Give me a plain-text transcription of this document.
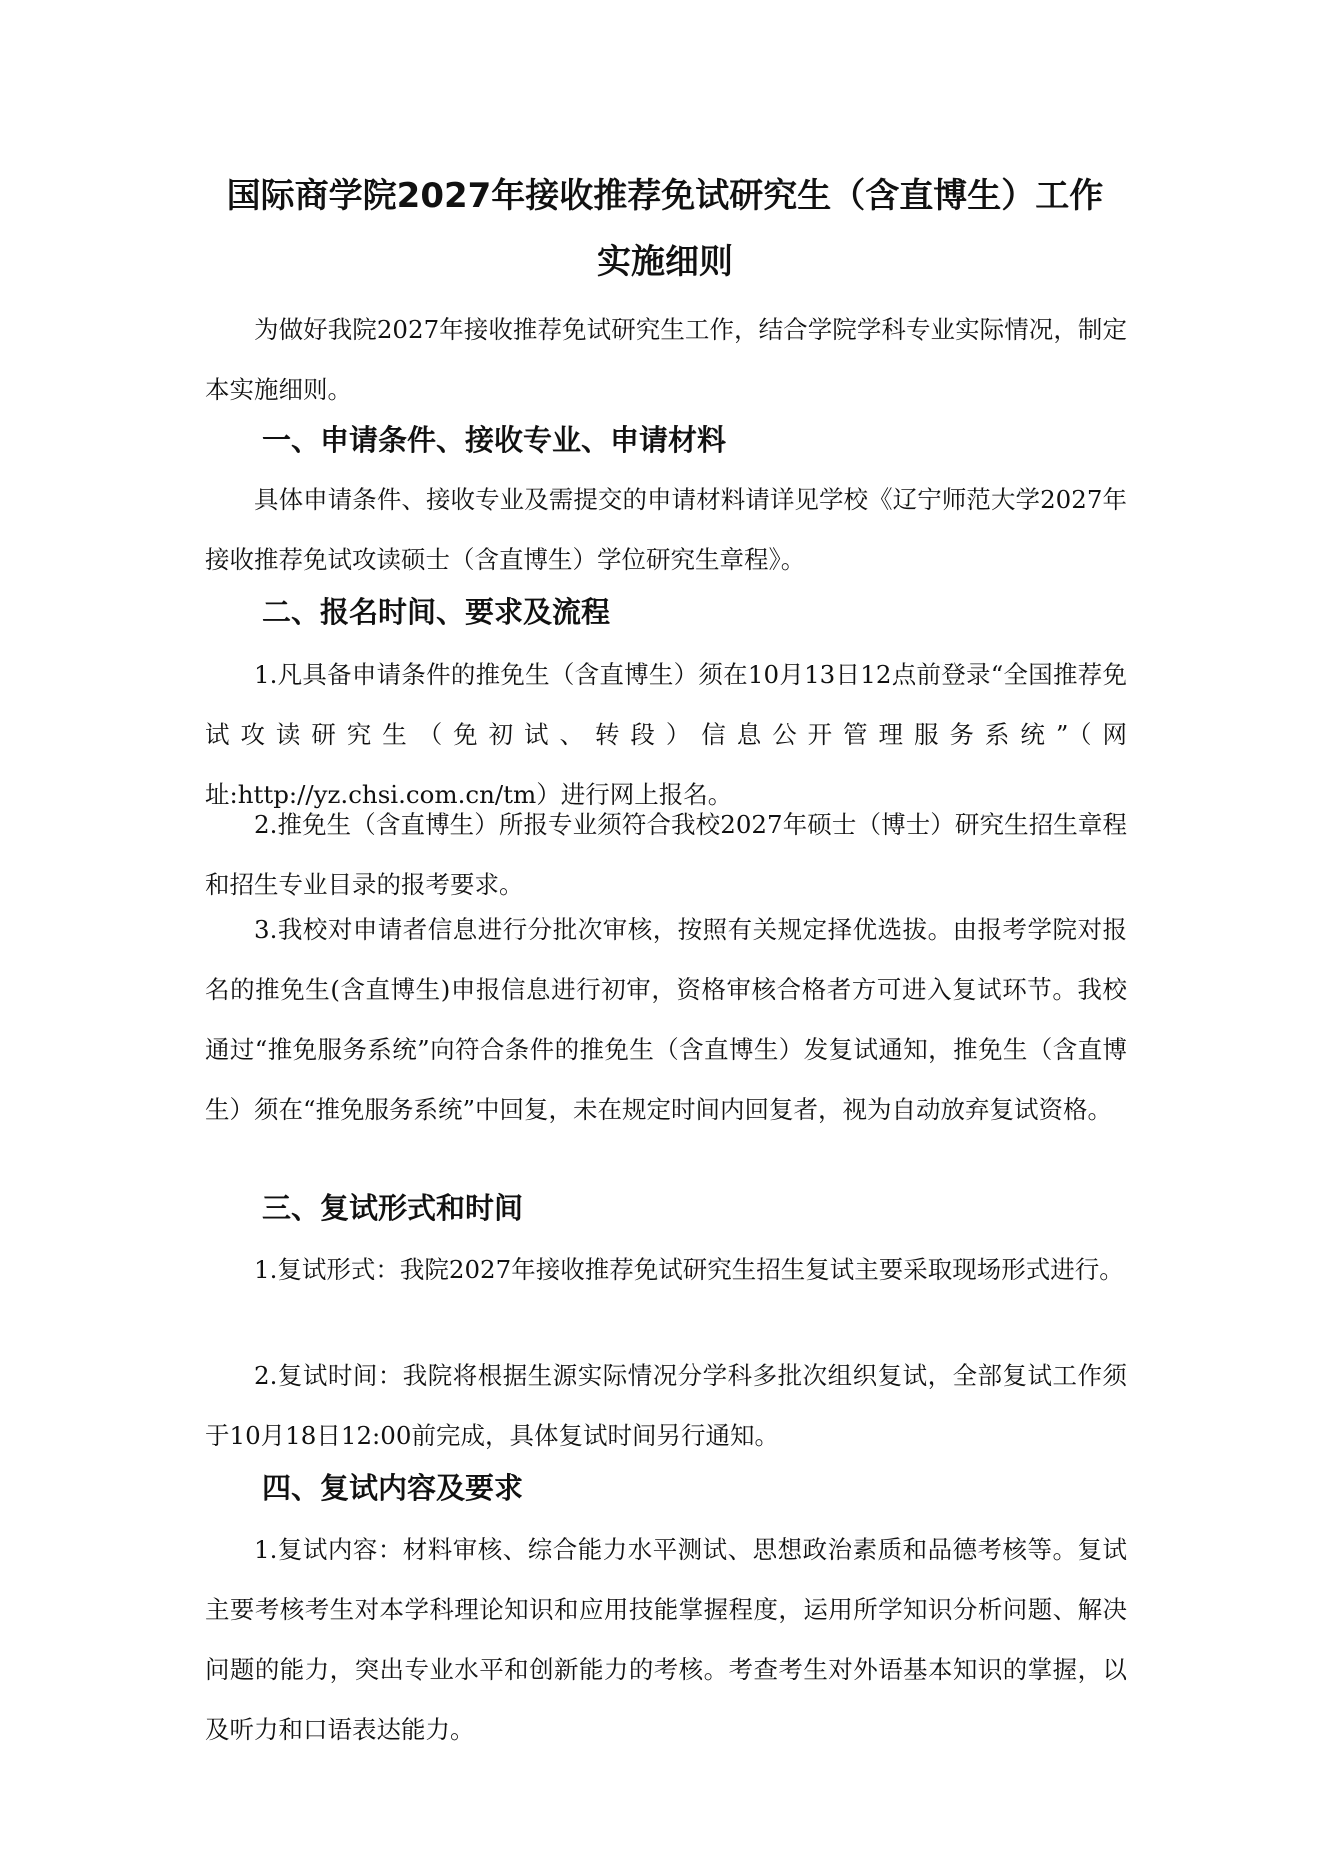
国际商学院2027年接收推荐免试研究生（含直博生）工作
实施细则

为做好我院2027年接收推荐免试研究生工作，结合学院学科专业实际情况，制定本实施细则。

一、申请条件、接收专业、申请材料

具体申请条件、接收专业及需提交的申请材料请详见学校《辽宁师范大学2027年接收推荐免试攻读硕士（含直博生）学位研究生章程》。

二、报名时间、要求及流程

1.凡具备申请条件的推免生（含直博生）须在10月13日12点前登录“全国推荐免试攻读研究生（免初试、转段）信息公开管理服务系统”（网址:http://yz.chsi.com.cn/tm）进行网上报名。

2.推免生（含直博生）所报专业须符合我校2027年硕士（博士）研究生招生章程和招生专业目录的报考要求。

3.我校对申请者信息进行分批次审核，按照有关规定择优选拔。由报考学院对报名的推免生(含直博生)申报信息进行初审，资格审核合格者方可进入复试环节。我校通过“推免服务系统”向符合条件的推免生（含直博生）发复试通知，推免生（含直博生）须在“推免服务系统”中回复，未在规定时间内回复者，视为自动放弃复试资格。

三、复试形式和时间

1.复试形式：我院2027年接收推荐免试研究生招生复试主要采取现场形式进行。

2.复试时间：我院将根据生源实际情况分学科多批次组织复试，全部复试工作须于10月18日12:00前完成，具体复试时间另行通知。

四、复试内容及要求

1.复试内容：材料审核、综合能力水平测试、思想政治素质和品德考核等。复试主要考核考生对本学科理论知识和应用技能掌握程度，运用所学知识分析问题、解决问题的能力，突出专业水平和创新能力的考核。考查考生对外语基本知识的掌握，以及听力和口语表达能力。
